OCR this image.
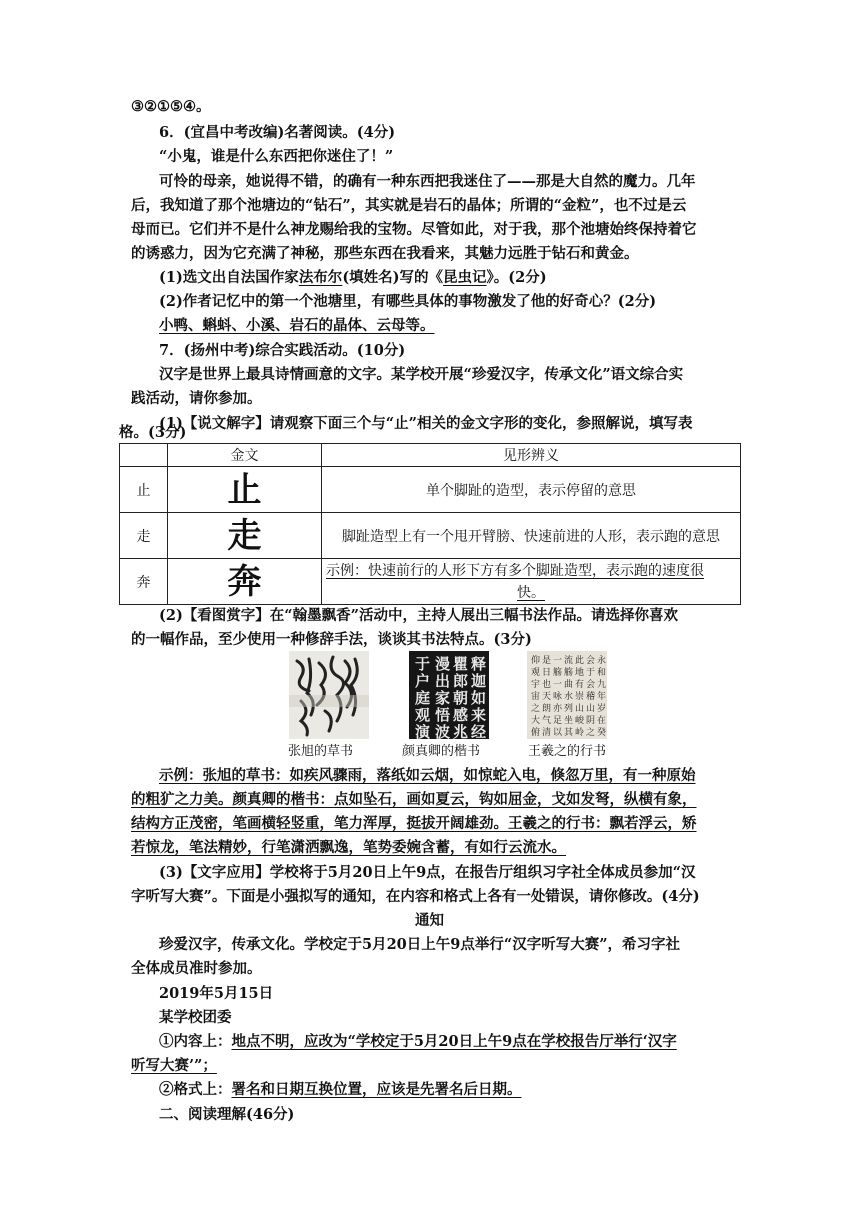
③②①⑤④。
6．(宜昌中考改编)名著阅读。(4分)
“小鬼，谁是什么东西把你迷住了！”
可怜的母亲，她说得不错，的确有一种东西把我迷住了——那是大自然的魔力。几年
后，我知道了那个池塘边的“钻石”，其实就是岩石的晶体；所谓的“金粒”，也不过是云
母而已。它们并不是什么神龙赐给我的宝物。尽管如此，对于我，那个池塘始终保持着它
的诱惑力，因为它充满了神秘，那些东西在我看来，其魅力远胜于钻石和黄金。
(1)选文出自法国作家法布尔(填姓名)写的《昆虫记》。(2分)
(2)作者记忆中的第一个池塘里，有哪些具体的事物激发了他的好奇心？(2分)
小鸭、蝌蚪、小溪、岩石的晶体、云母等。
7．(扬州中考)综合实践活动。(10分)
汉字是世界上最具诗情画意的文字。某学校开展“珍爱汉字，传承文化”语文综合实
践活动，请你参加。
(1)【说文解字】请观察下面三个与“止”相关的金文字形的变化，参照解说，填写表
格。(3分)
	金文	见形辨义
止	止	单个脚趾的造型，表示停留的意思
走	走	脚趾造型上有一个甩开臂膀、快速前进的人形，表示跑的意思
奔	奔	示例：快速前行的人形下方有多个脚趾造型，表示跑的速度很

快。
(2)【看图赏字】在“翰墨飘香”活动中，主持人展出三幅书法作品。请选择你喜欢
的一幅作品，至少使用一种修辞手法，谈谈其书法特点。(3分)
释
迦
如
来
经
瞿
郎
朝
感
兆
漫
出
家
悟
波
于
户
庭
观
演
永
和
九
年
岁
在
癸
会
于
会
稽
山
阴
之
此
地
有
崇
山
峻
岭
流
觞
曲
水
列
坐
其
一
觞
一
咏
亦
足
以
是
日
也
天
朗
气
清
仰
观
宇
宙
之
大
俯
张旭的草书	颜真卿的楷书	王羲之的行书
示例：张旭的草书：如疾风骤雨，落纸如云烟，如惊蛇入电，倏忽万里，有一种原始
的粗犷之力美。颜真卿的楷书：点如坠石，画如夏云，钩如屈金，戈如发弩，纵横有象，
结构方正茂密，笔画横轻竖重，笔力浑厚，挺拔开阔雄劲。王羲之的行书：飘若浮云，矫
若惊龙，笔法精妙，行笔潇洒飘逸，笔势委婉含蓄，有如行云流水。
(3)【文字应用】学校将于5月20日上午9点，在报告厅组织习字社全体成员参加“汉
字听写大赛”。下面是小强拟写的通知，在内容和格式上各有一处错误，请你修改。(4分)
通知
珍爱汉字，传承文化。学校定于5月20日上午9点举行“汉字听写大赛”，希习字社
全体成员准时参加。
2019年5月15日
某学校团委
①内容上：地点不明，应改为“学校定于5月20日上午9点在学校报告厅举行‘汉字
听写大赛’”；
②格式上：署名和日期互换位置，应该是先署名后日期。
二、阅读理解(46分)
